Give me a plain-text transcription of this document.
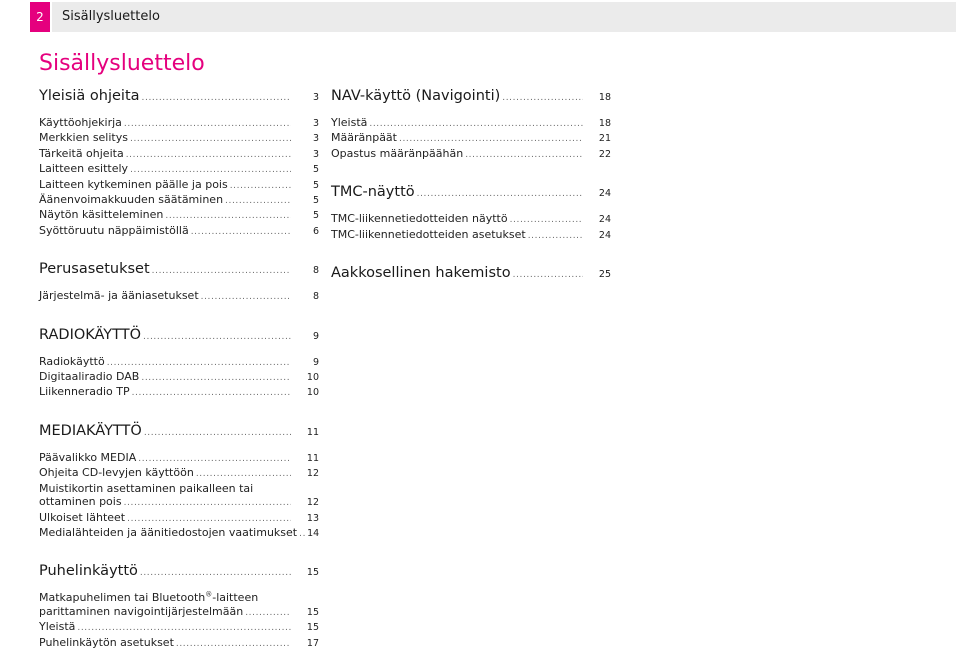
2	Sisällysluettelo
Sisällysluettelo
Yleisiä ohjeita .....	3
Käyttöohjekirja .....	3
Merkkien selitys .....	3
Tärkeitä ohjeita .....	3
Laitteen esittely .....	5
Laitteen kytkeminen päälle ja pois .....	5
Äänenvoimakkuuden säätäminen .....	5
Näytön käsitteleminen .....	5
Syöttöruutu näppäimistöllä .....	6
Perusasetukset .....	8
Järjestelmä- ja ääniasetukset .....	8
RADIOKÄYTTÖ .....	9
Radiokäyttö .....	9
Digitaaliradio DAB .....	10
Liikenneradio TP .....	10
MEDIAKÄYTTÖ .....	11
Päävalikko MEDIA .....	11
Ohjeita CD-levyjen käyttöön .....	12
Muistikortin asettaminen paikalleen tai
ottaminen pois .....	12
Ulkoiset lähteet .....	13
Medialähteiden ja äänitiedostojen vaatimukset ..... 14
Puhelinkäyttö .....	15
Matkapuhelimen tai Bluetooth®-laitteen
parittaminen navigointijärjestelmään .....	15
Yleistä .....	15
Puhelinkäytön asetukset .....	17
NAV-käyttö (Navigointi) .....	18
Yleistä .....	18
Määränpäät .....	21
Opastus määränpäähän .....	22
TMC-näyttö .....	24
TMC-liikennetiedotteiden näyttö .....	24
TMC-liikennetiedotteiden asetukset .....	24
Aakkosellinen hakemisto .....	25
